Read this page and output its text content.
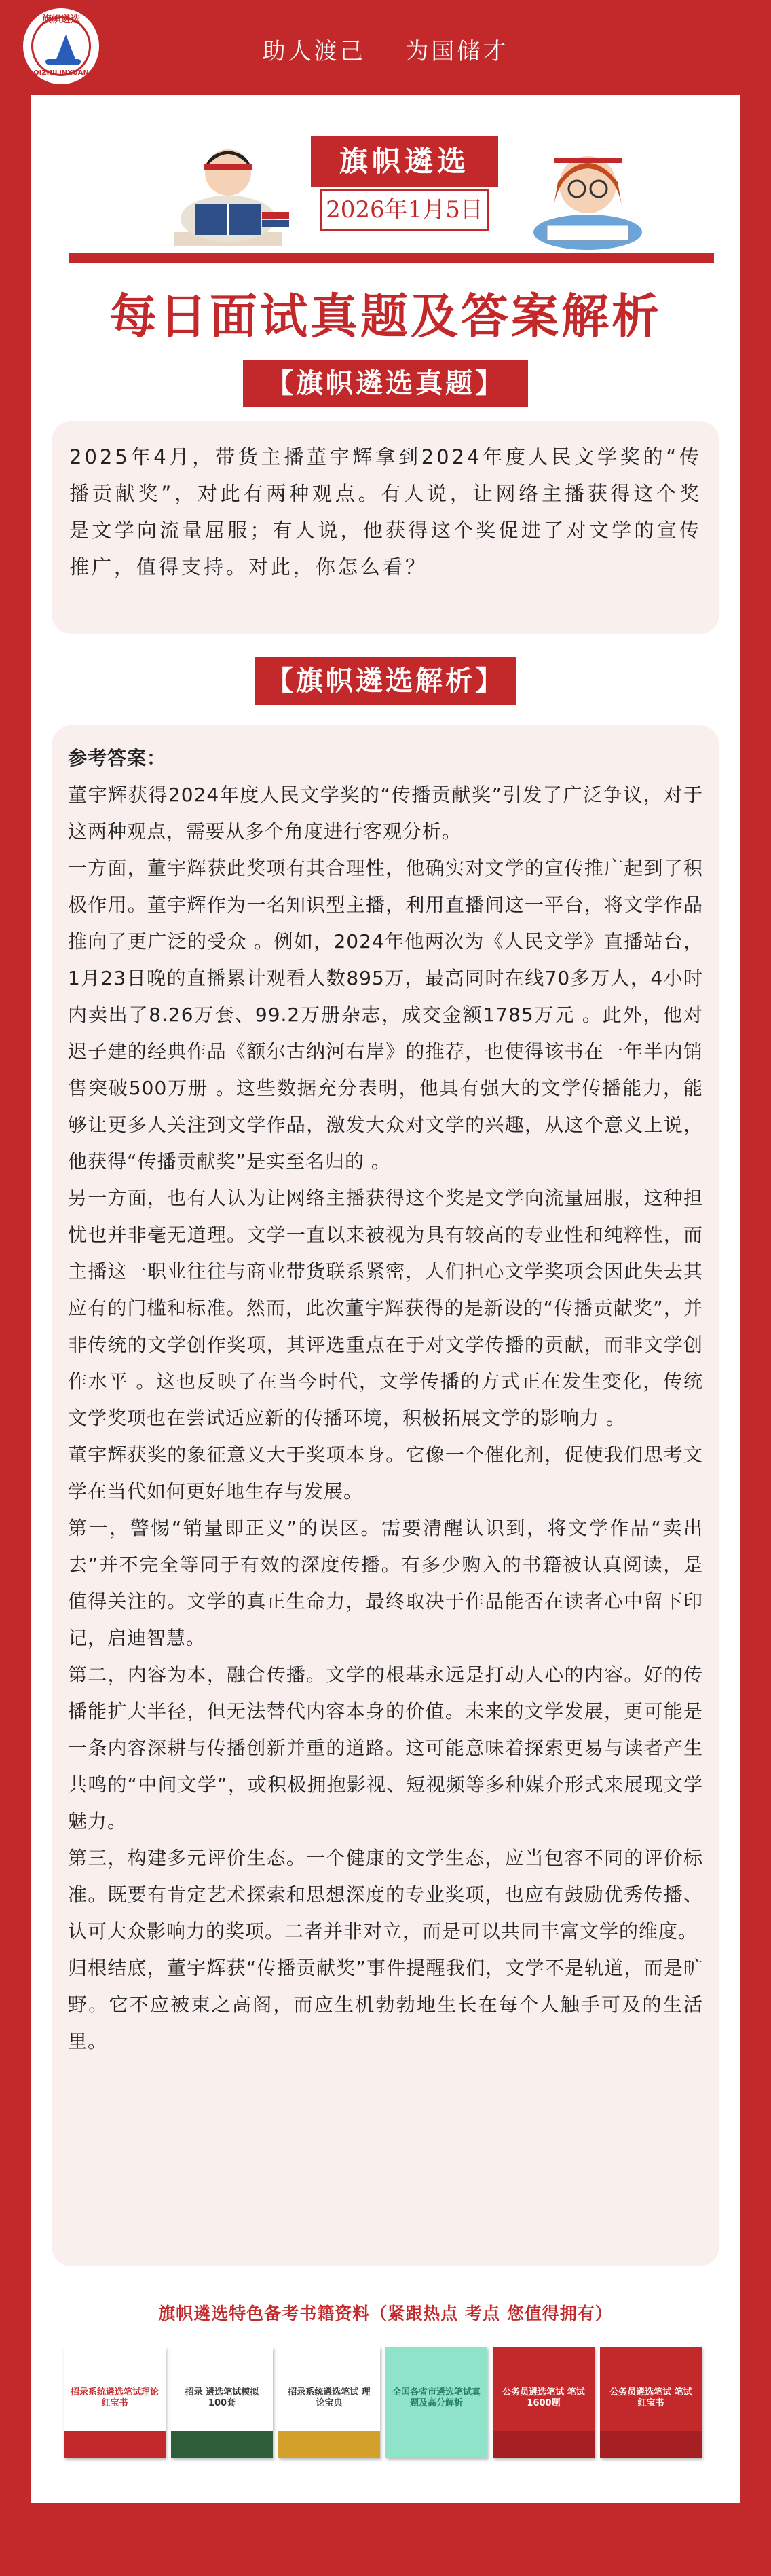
旗帜遴选
QIZHILINXUAN
助人渡己 为国储才
旗帜遴选
2026年1月5日
每日面试真题及答案解析
【旗帜遴选真题】
2025年4月，带货主播董宇辉拿到2024年度人民文学奖的“传播贡献奖”，对此有两种观点。有人说，让网络主播获得这个奖是文学向流量屈服；有人说，他获得这个奖促进了对文学的宣传推广，值得支持。对此，你怎么看？
【旗帜遴选解析】

参考答案：

董宇辉获得2024年度人民文学奖的“传播贡献奖”引发了广泛争议，对于这两种观点，需要从多个角度进行客观分析。

一方面，董宇辉获此奖项有其合理性，他确实对文学的宣传推广起到了积极作用。董宇辉作为一名知识型主播，利用直播间这一平台，将文学作品推向了更广泛的受众 。例如，2024年他两次为《人民文学》直播站台，1月23日晚的直播累计观看人数895万，最高同时在线70多万人，4小时内卖出了8.26万套、99.2万册杂志，成交金额1785万元 。此外，他对迟子建的经典作品《额尔古纳河右岸》的推荐，也使得该书在一年半内销售突破500万册 。这些数据充分表明，他具有强大的文学传播能力，能够让更多人关注到文学作品，激发大众对文学的兴趣，从这个意义上说，他获得“传播贡献奖”是实至名归的 。

另一方面，也有人认为让网络主播获得这个奖是文学向流量屈服，这种担忧也并非毫无道理。文学一直以来被视为具有较高的专业性和纯粹性，而主播这一职业往往与商业带货联系紧密，人们担心文学奖项会因此失去其应有的门槛和标准。然而，此次董宇辉获得的是新设的“传播贡献奖”，并非传统的文学创作奖项，其评选重点在于对文学传播的贡献，而非文学创作水平 。这也反映了在当今时代，文学传播的方式正在发生变化，传统文学奖项也在尝试适应新的传播环境，积极拓展文学的影响力 。

董宇辉获奖的象征意义大于奖项本身。它像一个催化剂，促使我们思考文学在当代如何更好地生存与发展。

第一，警惕“销量即正义”的误区。需要清醒认识到，将文学作品“卖出去”并不完全等同于有效的深度传播。有多少购入的书籍被认真阅读，是值得关注的。文学的真正生命力，最终取决于作品能否在读者心中留下印记，启迪智慧。

第二，内容为本，融合传播。文学的根基永远是打动人心的内容。好的传播能扩大半径，但无法替代内容本身的价值。未来的文学发展，更可能是一条内容深耕与传播创新并重的道路。这可能意味着探索更易与读者产生共鸣的“中间文学”，或积极拥抱影视、短视频等多种媒介形式来展现文学魅力。

第三，构建多元评价生态。一个健康的文学生态，应当包容不同的评价标准。既要有肯定艺术探索和思想深度的专业奖项，也应有鼓励优秀传播、认可大众影响力的奖项。二者并非对立，而是可以共同丰富文学的维度。

归根结底，董宇辉获“传播贡献奖”事件提醒我们，文学不是轨道，而是旷野。它不应被束之高阁，而应生机勃勃地生长在每个人触手可及的生活里。

旗帜遴选特色备考书籍资料（紧跟热点 考点 您值得拥有）
招录系统遴选笔试理论红宝书
招录 遴选笔试模拟100套
招录系统遴选笔试 理论宝典
全国各省市遴选笔试真题及高分解析
公务员遴选笔试 笔试1600题
公务员遴选笔试 笔试红宝书
